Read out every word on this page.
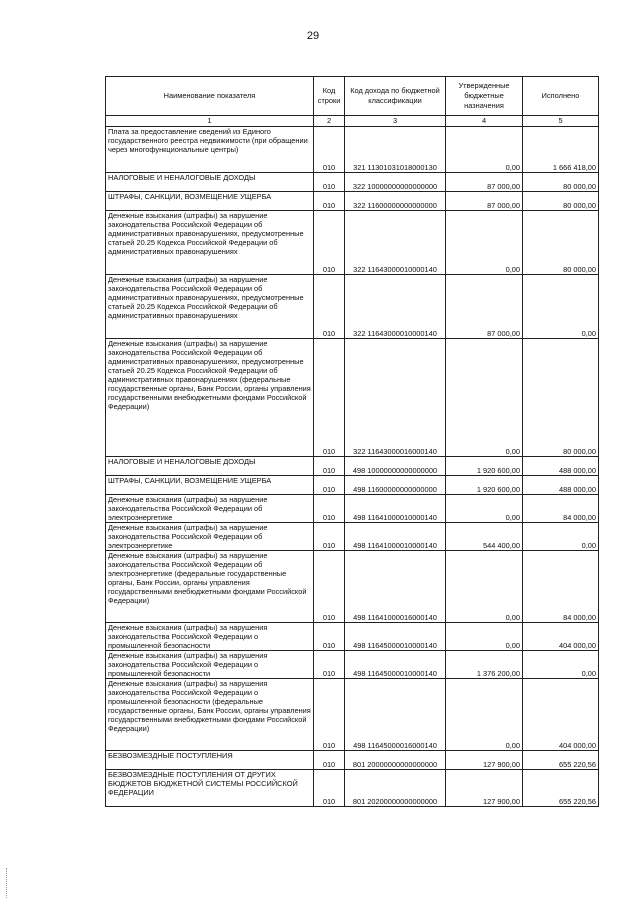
29
Наименование показателя	Код строки	Код дохода по бюджетной классификации	Утвержденные бюджетные назначения	Исполнено
1	2	3	4	5
Плата за предоставление сведений из Единого государственного реестра недвижимости (при обращении через многофункциональные центры)	010	321 11301031018000130	0,00	1 666 418,00
НАЛОГОВЫЕ И НЕНАЛОГОВЫЕ ДОХОДЫ	010	322 10000000000000000	87 000,00	80 000,00
ШТРАФЫ, САНКЦИИ, ВОЗМЕЩЕНИЕ УЩЕРБА	010	322 11600000000000000	87 000,00	80 000,00
Денежные взыскания (штрафы) за нарушение законодательства Российской Федерации об административных правонарушениях, предусмотренные статьей 20.25 Кодекса Российской Федерации об административных правонарушениях	010	322 11643000010000140	0,00	80 000,00
Денежные взыскания (штрафы) за нарушение законодательства Российской Федерации об административных правонарушениях, предусмотренные статьей 20.25 Кодекса Российской Федерации об административных правонарушениях	010	322 11643000010000140	87 000,00	0,00
Денежные взыскания (штрафы) за нарушение законодательства Российской Федерации об административных правонарушениях, предусмотренные статьей 20.25 Кодекса Российской Федерации об административных правонарушениях (федеральные государственные органы, Банк России, органы управления государственными внебюджетными фондами Российской Федерации)	010	322 11643000016000140	0,00	80 000,00
НАЛОГОВЫЕ И НЕНАЛОГОВЫЕ ДОХОДЫ	010	498 10000000000000000	1 920 600,00	488 000,00
ШТРАФЫ, САНКЦИИ, ВОЗМЕЩЕНИЕ УЩЕРБА	010	498 11600000000000000	1 920 600,00	488 000,00
Денежные взыскания (штрафы) за нарушение законодательства Российской Федерации об электроэнергетике	010	498 11641000010000140	0,00	84 000,00
Денежные взыскания (штрафы) за нарушение законодательства Российской Федерации об электроэнергетике	010	498 11641000010000140	544 400,00	0,00
Денежные взыскания (штрафы) за нарушение законодательства Российской Федерации об электроэнергетике (федеральные государственные органы, Банк России, органы управления государственными внебюджетными фондами Российской Федерации)	010	498 11641000016000140	0,00	84 000,00
Денежные взыскания (штрафы) за нарушения законодательства Российской Федерации о промышленной безопасности	010	498 11645000010000140	0,00	404 000,00
Денежные взыскания (штрафы) за нарушения законодательства Российской Федерации о промышленной безопасности	010	498 11645000010000140	1 376 200,00	0,00
Денежные взыскания (штрафы) за нарушения законодательства Российской Федерации о промышленной безопасности (федеральные государственные органы, Банк России, органы управления государственными внебюджетными фондами Российской Федерации)	010	498 11645000016000140	0,00	404 000,00
БЕЗВОЗМЕЗДНЫЕ ПОСТУПЛЕНИЯ	010	801 20000000000000000	127 900,00	655 220,56
БЕЗВОЗМЕЗДНЫЕ ПОСТУПЛЕНИЯ ОТ ДРУГИХ БЮДЖЕТОВ БЮДЖЕТНОЙ СИСТЕМЫ РОССИЙСКОЙ ФЕДЕРАЦИИ	010	801 20200000000000000	127 900,00	655 220,56
